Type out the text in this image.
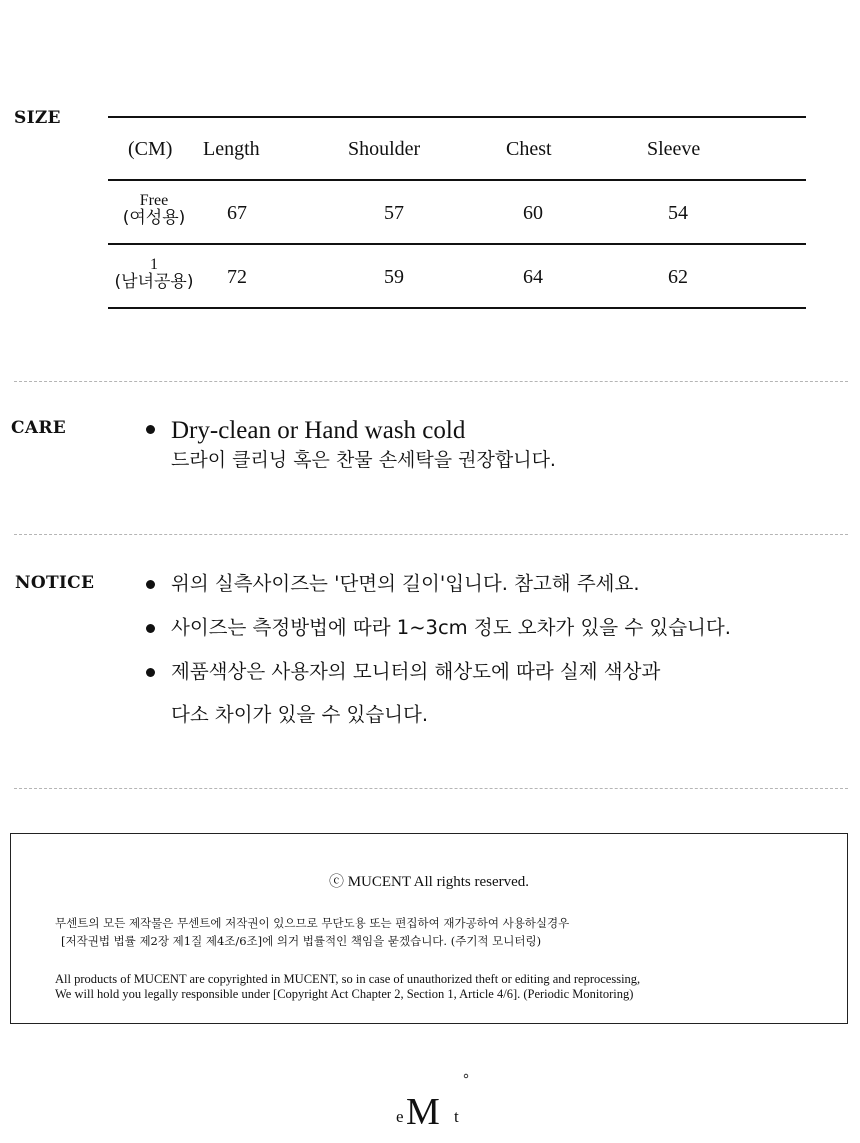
SIZE
(CM) Length	Shoulder	Chest	Sleeve
Free
(여성용)	67	57	60	54
1
(남녀공용)	72	59	64	62
CARE	Dry-clean or Hand wash cold
드라이 클리닝 혹은 찬물 손세탁을 권장합니다.
NOTICE	위의 실측사이즈는 '단면의 길이'입니다. 참고해 주세요.
사이즈는 측정방법에 따라 1~3cm 정도 오차가 있을 수 있습니다.
제품색상은 사용자의 모니터의 해상도에 따라 실제 색상과
다소 차이가 있을 수 있습니다.
ⓒ MUCENT All rights reserved.
무센트의 모든 제작물은 무센트에 저작권이 있으므로 무단도용 또는 편집하여 재가공하여 사용하실경우
[저작권법 법률 제2장 제1질 제4조/6조]에 의거 법률적인 책임을 묻겠습니다. (주기적 모니터링)
All products of MUCENT are copyrighted in MUCENT, so in case of unauthorized theft or editing and reprocessing,
We will hold you legally responsible under [Copyright Act Chapter 2, Section 1, Article 4/6]. (Periodic Monitoring)
e M t
